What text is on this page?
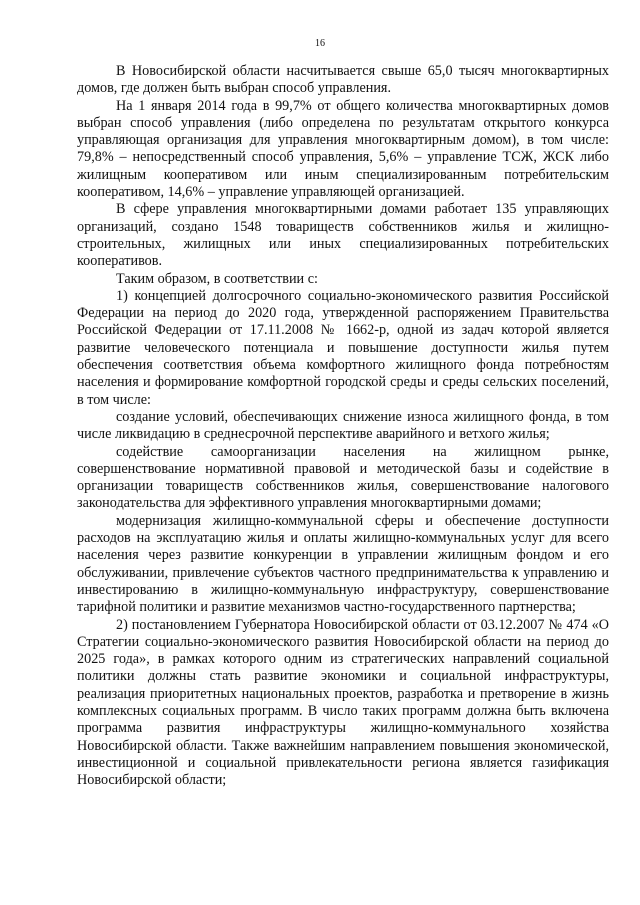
16

В Новосибирской области насчитывается свыше 65,0 тысяч многоквартирных домов, где должен быть выбран способ управления.

На 1 января 2014 года в 99,7% от общего количества многоквартирных домов выбран способ управления (либо определена по результатам открытого конкурса управляющая организация для управления многоквартирным домом), в том числе: 79,8% – непосредственный способ управления, 5,6% – управление ТСЖ, ЖСК либо жилищным кооперативом или иным специализированным потребительским кооперативом, 14,6% – управление управляющей организацией.

В сфере управления многоквартирными домами работает 135 управляющих организаций, создано 1548 товариществ собственников жилья и жилищно-строительных, жилищных или иных специализированных потребительских кооперативов.

Таким образом, в соответствии с:

1) концепцией долгосрочного социально-экономического развития Российской Федерации на период до 2020 года, утвержденной распоряжением Правительства Российской Федерации от 17.11.2008 № 1662-р, одной из задач которой является развитие человеческого потенциала и повышение доступности жилья путем обеспечения соответствия объема комфортного жилищного фонда потребностям населения и формирование комфортной городской среды и среды сельских поселений, в том числе:

создание условий, обеспечивающих снижение износа жилищного фонда, в том числе ликвидацию в среднесрочной перспективе аварийного и ветхого жилья;

содействие самоорганизации населения на жилищном рынке, совершенствование нормативной правовой и методической базы и содействие в организации товариществ собственников жилья, совершенствование налогового законодательства для эффективного управления многоквартирными домами;

модернизация жилищно-коммунальной сферы и обеспечение доступности расходов на эксплуатацию жилья и оплаты жилищно-коммунальных услуг для всего населения через развитие конкуренции в управлении жилищным фондом и его обслуживании, привлечение субъектов частного предпринимательства к управлению и инвестированию в жилищно-коммунальную инфраструктуру, совершенствование тарифной политики и развитие механизмов частно-государственного партнерства;

2) постановлением Губернатора Новосибирской области от 03.12.2007 № 474 «О Стратегии социально-экономического развития Новосибирской области на период до 2025 года», в рамках которого одним из стратегических направлений социальной политики должны стать развитие экономики и социальной инфраструктуры, реализация приоритетных национальных проектов, разработка и претворение в жизнь комплексных социальных программ. В число таких программ должна быть включена программа развития инфраструктуры жилищно-коммунального хозяйства Новосибирской области. Также важнейшим направлением повышения экономической, инвестиционной и социальной привлекательности региона является газификация Новосибирской области;
